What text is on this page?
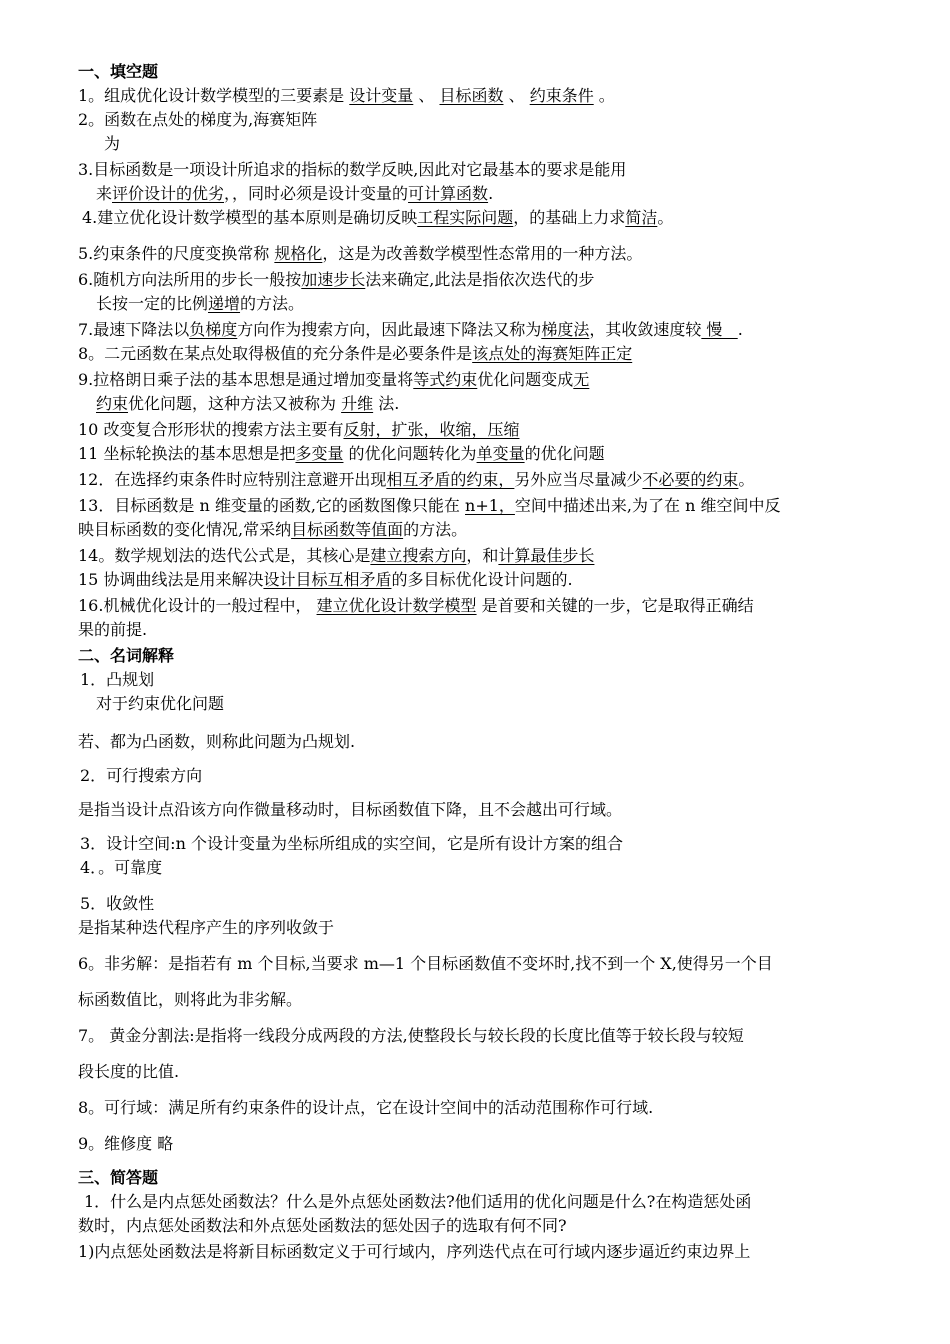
一、填空题
1。组成优化设计数学模型的三要素是 设计变量 、 目标函数 、 约束条件 。
2。函数在点处的梯度为,海赛矩阵
为
3.目标函数是一项设计所追求的指标的数学反映,因此对它最基本的要求是能用
来评价设计的优劣，，同时必须是设计变量的可计算函数.
4.建立优化设计数学模型的基本原则是确切反映工程实际问题，的基础上力求简洁。
5.约束条件的尺度变换常称 规格化，这是为改善数学模型性态常用的一种方法。
6.随机方向法所用的步长一般按加速步长法来确定,此法是指依次迭代的步
长按一定的比例递增的方法。
7.最速下降法以负梯度方向作为搜索方向，因此最速下降法又称为梯度法，其收敛速度较 慢   .
8。二元函数在某点处取得极值的充分条件是必要条件是该点处的海赛矩阵正定
9.拉格朗日乘子法的基本思想是通过增加变量将等式约束优化问题变成无
约束优化问题，这种方法又被称为 升维 法.
10 改变复合形形状的搜索方法主要有反射，扩张，收缩，压缩
11 坐标轮换法的基本思想是把多变量 的优化问题转化为单变量的优化问题
12．在选择约束条件时应特别注意避开出现相互矛盾的约束，另外应当尽量减少不必要的约束。
13．目标函数是 n 维变量的函数,它的函数图像只能在 n+1，空间中描述出来,为了在 n 维空间中反
映目标函数的变化情况,常采纳目标函数等值面的方法。
14。数学规划法的迭代公式是，其核心是建立搜索方向，和计算最佳步长
15 协调曲线法是用来解决设计目标互相矛盾的多目标优化设计问题的.
16.机械优化设计的一般过程中， 建立优化设计数学模型 是首要和关键的一步，它是取得正确结
果的前提.
二、名词解释
1．凸规划
对于约束优化问题
若、都为凸函数，则称此问题为凸规划.
2．可行搜索方向
是指当设计点沿该方向作微量移动时，目标函数值下降，且不会越出可行域。
3．设计空间:n 个设计变量为坐标所组成的实空间，它是所有设计方案的组合
4．。可靠度
5．收敛性
是指某种迭代程序产生的序列收敛于
6。非劣解：是指若有 m 个目标,当要求 m—1 个目标函数值不变坏时,找不到一个 X,使得另一个目
标函数值比，则将此为非劣解。
7。 黄金分割法:是指将一线段分成两段的方法,使整段长与较长段的长度比值等于较长段与较短
段长度的比值.
8。可行域：满足所有约束条件的设计点，它在设计空间中的活动范围称作可行域.
9。维修度 略
三、简答题
1．什么是内点惩处函数法？什么是外点惩处函数法?他们适用的优化问题是什么?在构造惩处函
数时，内点惩处函数法和外点惩处函数法的惩处因子的选取有何不同?
1)内点惩处函数法是将新目标函数定义于可行域内，序列迭代点在可行域内逐步逼近约束边界上
